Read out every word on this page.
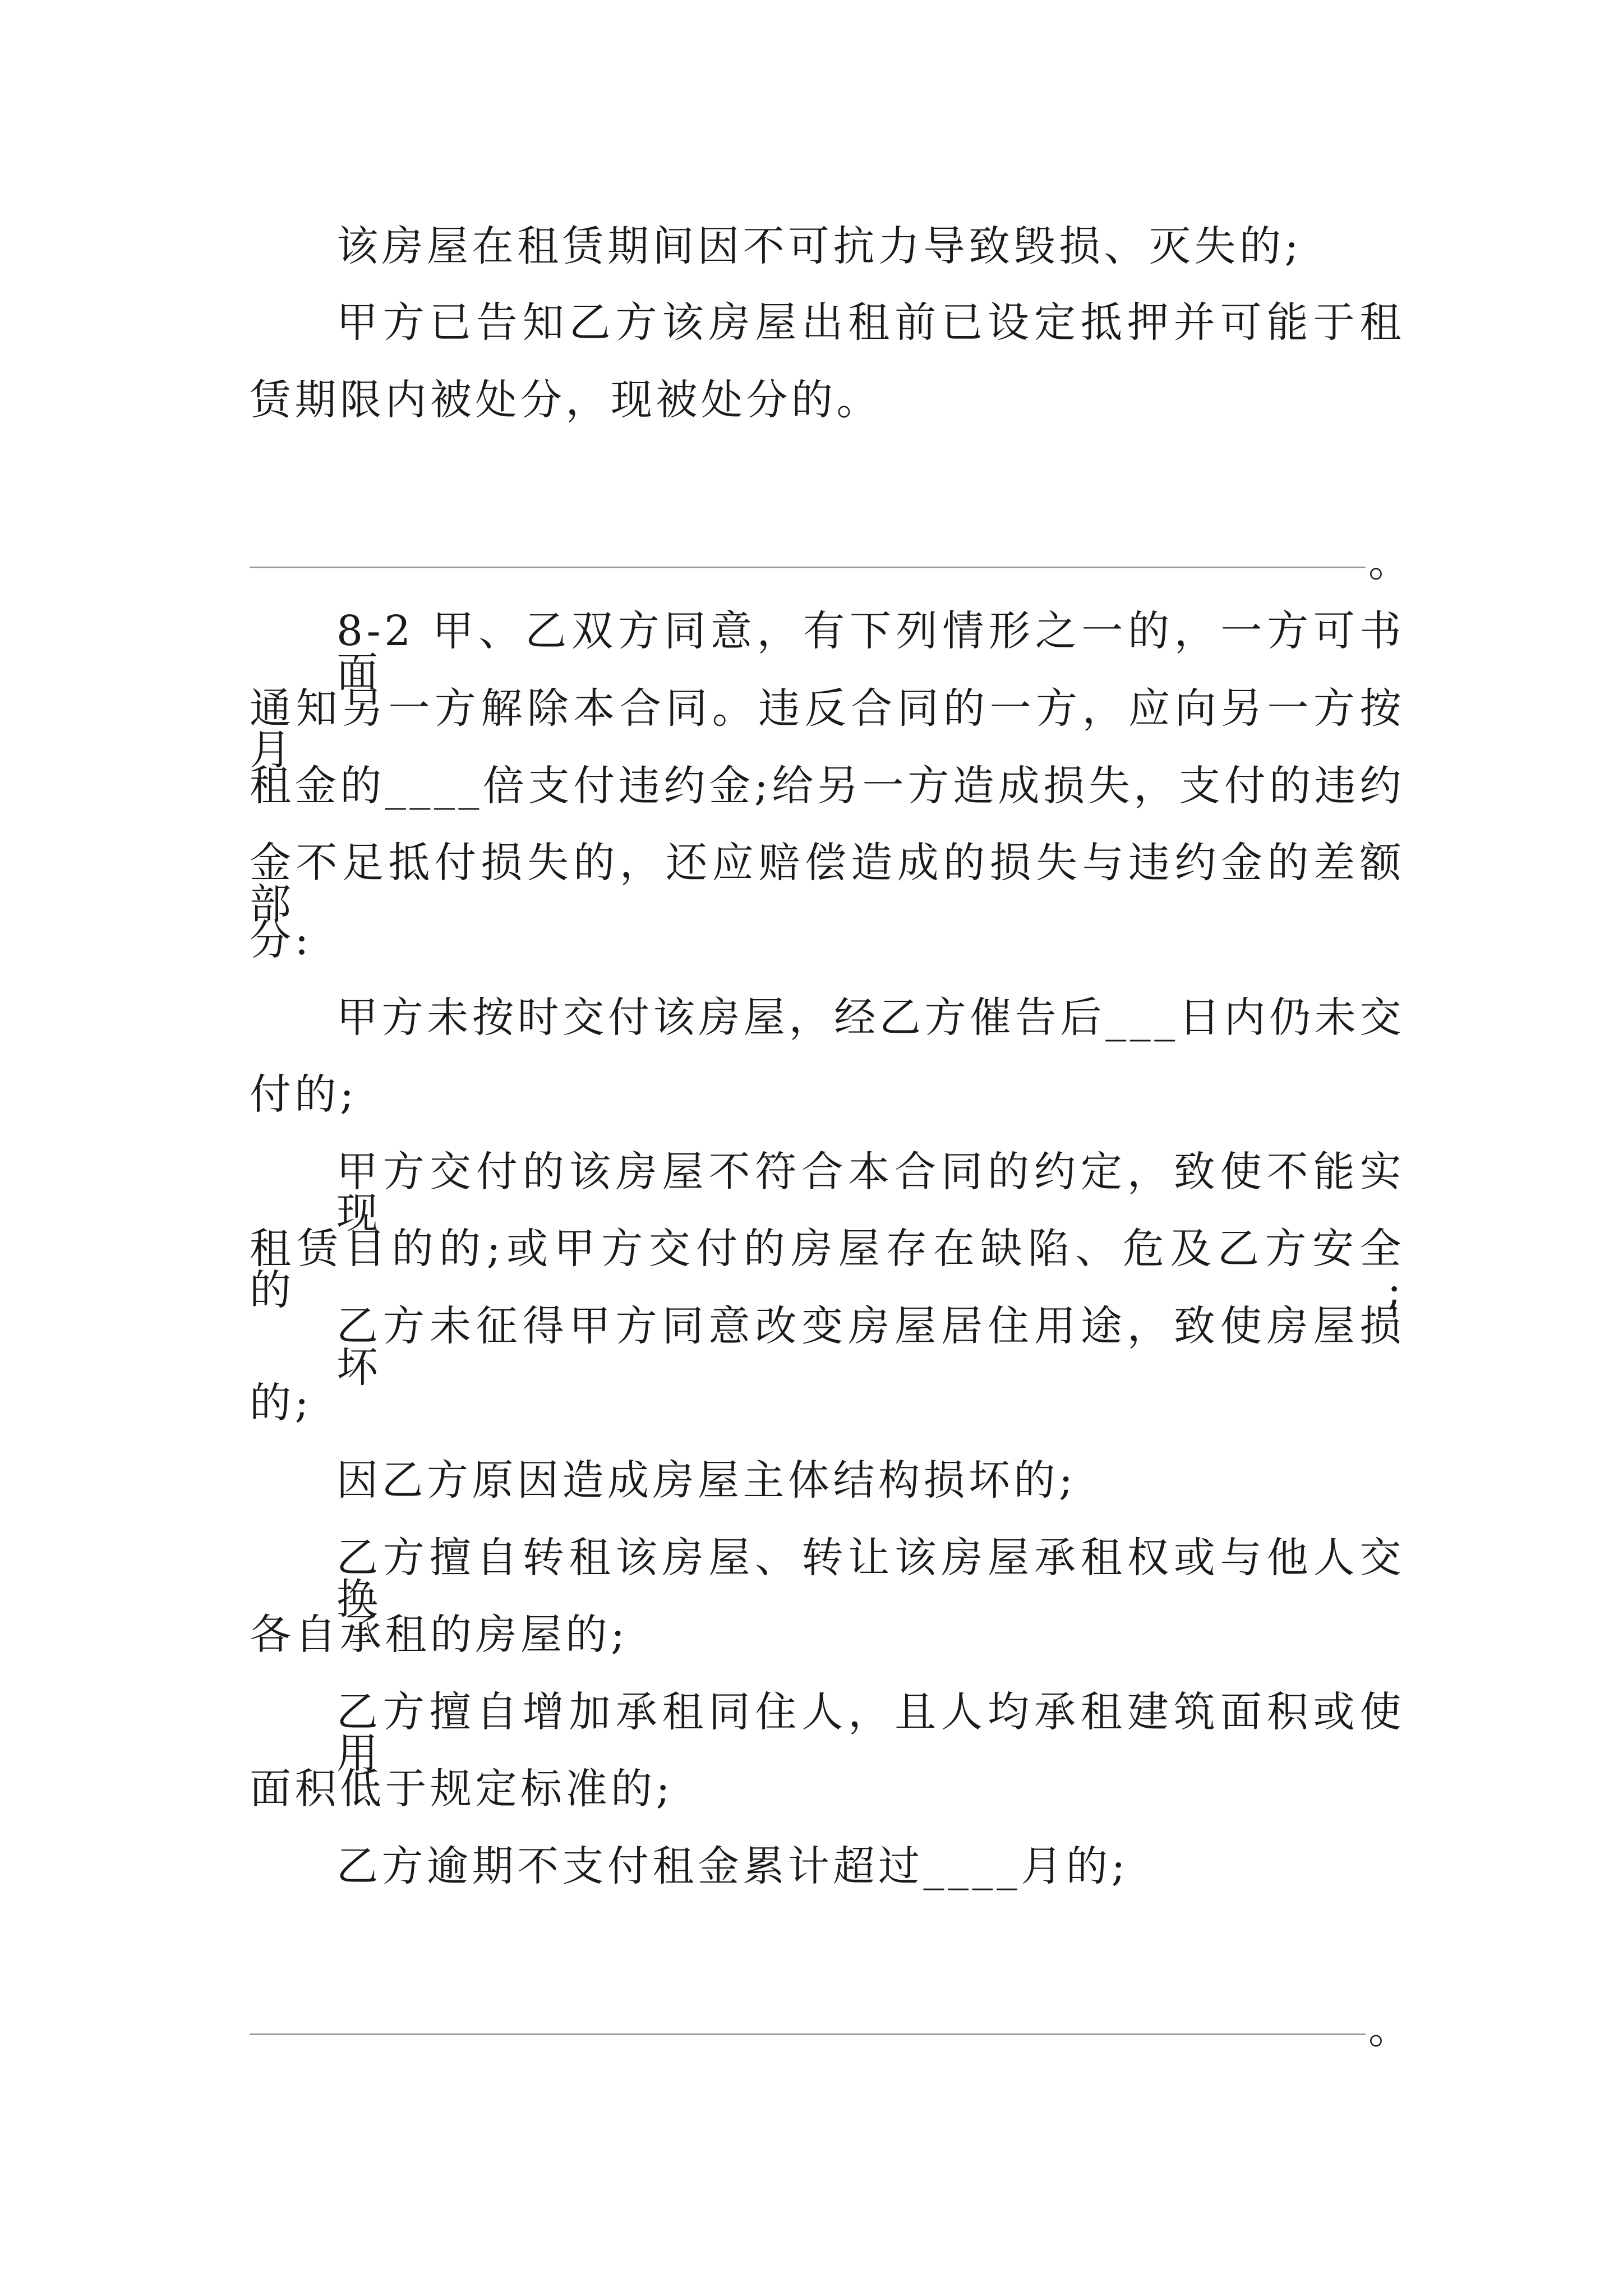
该房屋在租赁期间因不可抗力导致毁损、灭失的;
甲方已告知乙方该房屋出租前已设定抵押并可能于租
赁期限内被处分，现被处分的。
。
8-2 甲、乙双方同意，有下列情形之一的，一方可书面
通知另一方解除本合同。违反合同的一方，应向另一方按月
租金的____倍支付违约金;给另一方造成损失，支付的违约
金不足抵付损失的，还应赔偿造成的损失与违约金的差额部
分:
甲方未按时交付该房屋，经乙方催告后___日内仍未交
付的;
甲方交付的该房屋不符合本合同的约定，致使不能实现
租赁目的的;或甲方交付的房屋存在缺陷、危及乙方安全的;
乙方未征得甲方同意改变房屋居住用途，致使房屋损坏
的;
因乙方原因造成房屋主体结构损坏的;
乙方擅自转租该房屋、转让该房屋承租权或与他人交换
各自承租的房屋的;
乙方擅自增加承租同住人，且人均承租建筑面积或使用
面积低于规定标准的;
乙方逾期不支付租金累计超过____月的;
。
